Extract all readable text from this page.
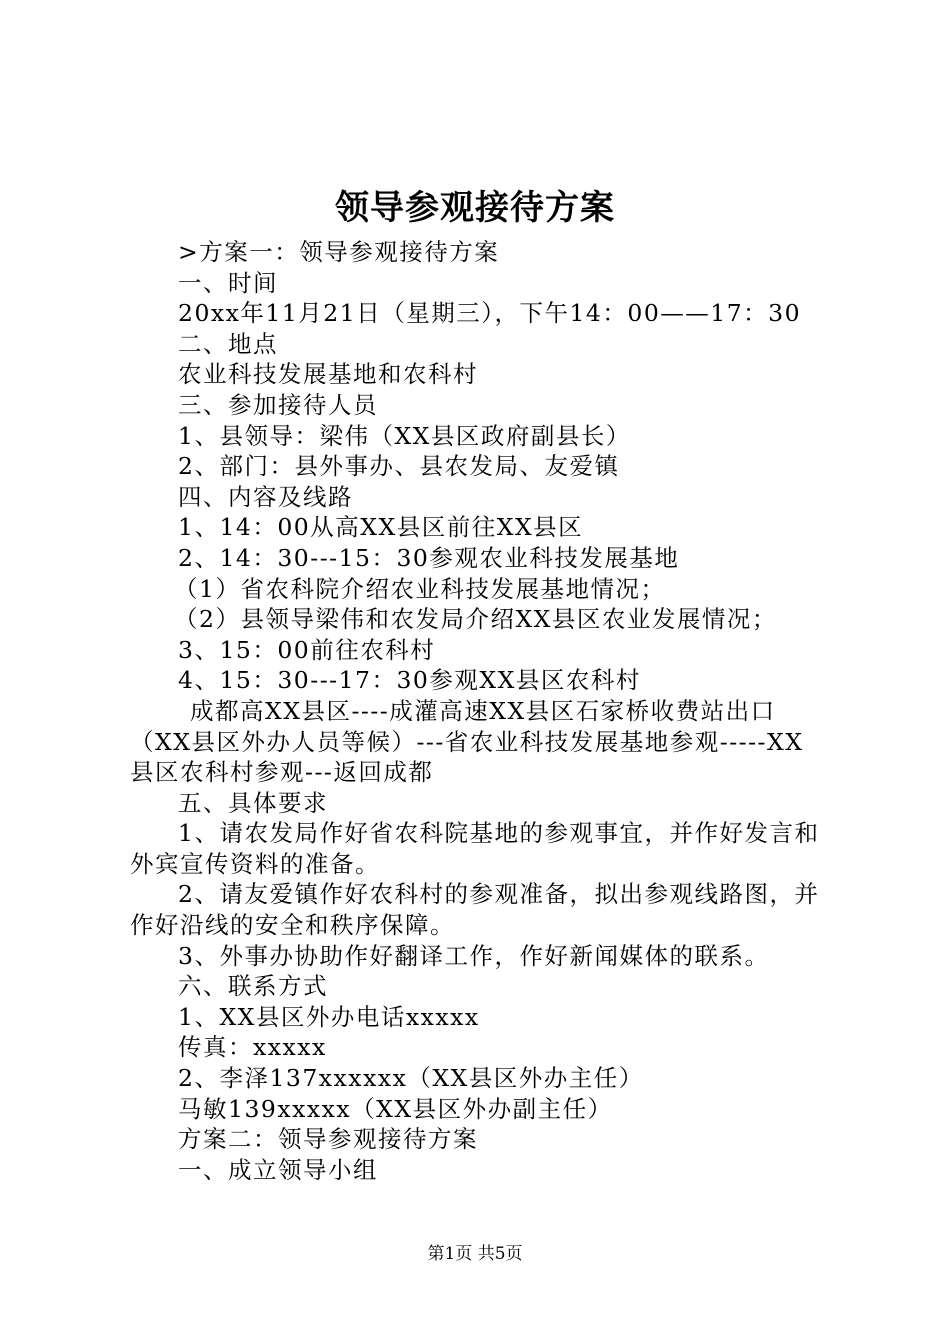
领导参观接待方案
>方案一：领导参观接待方案
一、时间
20xx年11月21日（星期三），下午14：00——17：30
二、地点
农业科技发展基地和农科村
三、参加接待人员
1、县领导：梁伟（XX县区政府副县长）
2、部门：县外事办、县农发局、友爱镇
四、内容及线路
1、14：00从高XX县区前往XX县区
2、14：30---15：30参观农业科技发展基地
（1）省农科院介绍农业科技发展基地情况；
（2）县领导梁伟和农发局介绍XX县区农业发展情况；
3、15：00前往农科村
4、15：30---17：30参观XX县区农科村
成都高XX县区----成灌高速XX县区石家桥收费站出口
（XX县区外办人员等候）---省农业科技发展基地参观-----XX
县区农科村参观---返回成都
五、具体要求
1、请农发局作好省农科院基地的参观事宜，并作好发言和
外宾宣传资料的准备。
2、请友爱镇作好农科村的参观准备，拟出参观线路图，并
作好沿线的安全和秩序保障。
3、外事办协助作好翻译工作，作好新闻媒体的联系。
六、联系方式
1、XX县区外办电话xxxxx
传真：xxxxx
2、李泽137xxxxxx（XX县区外办主任）
马敏139xxxxx（XX县区外办副主任）
方案二：领导参观接待方案
一、成立领导小组
第1页 共5页
